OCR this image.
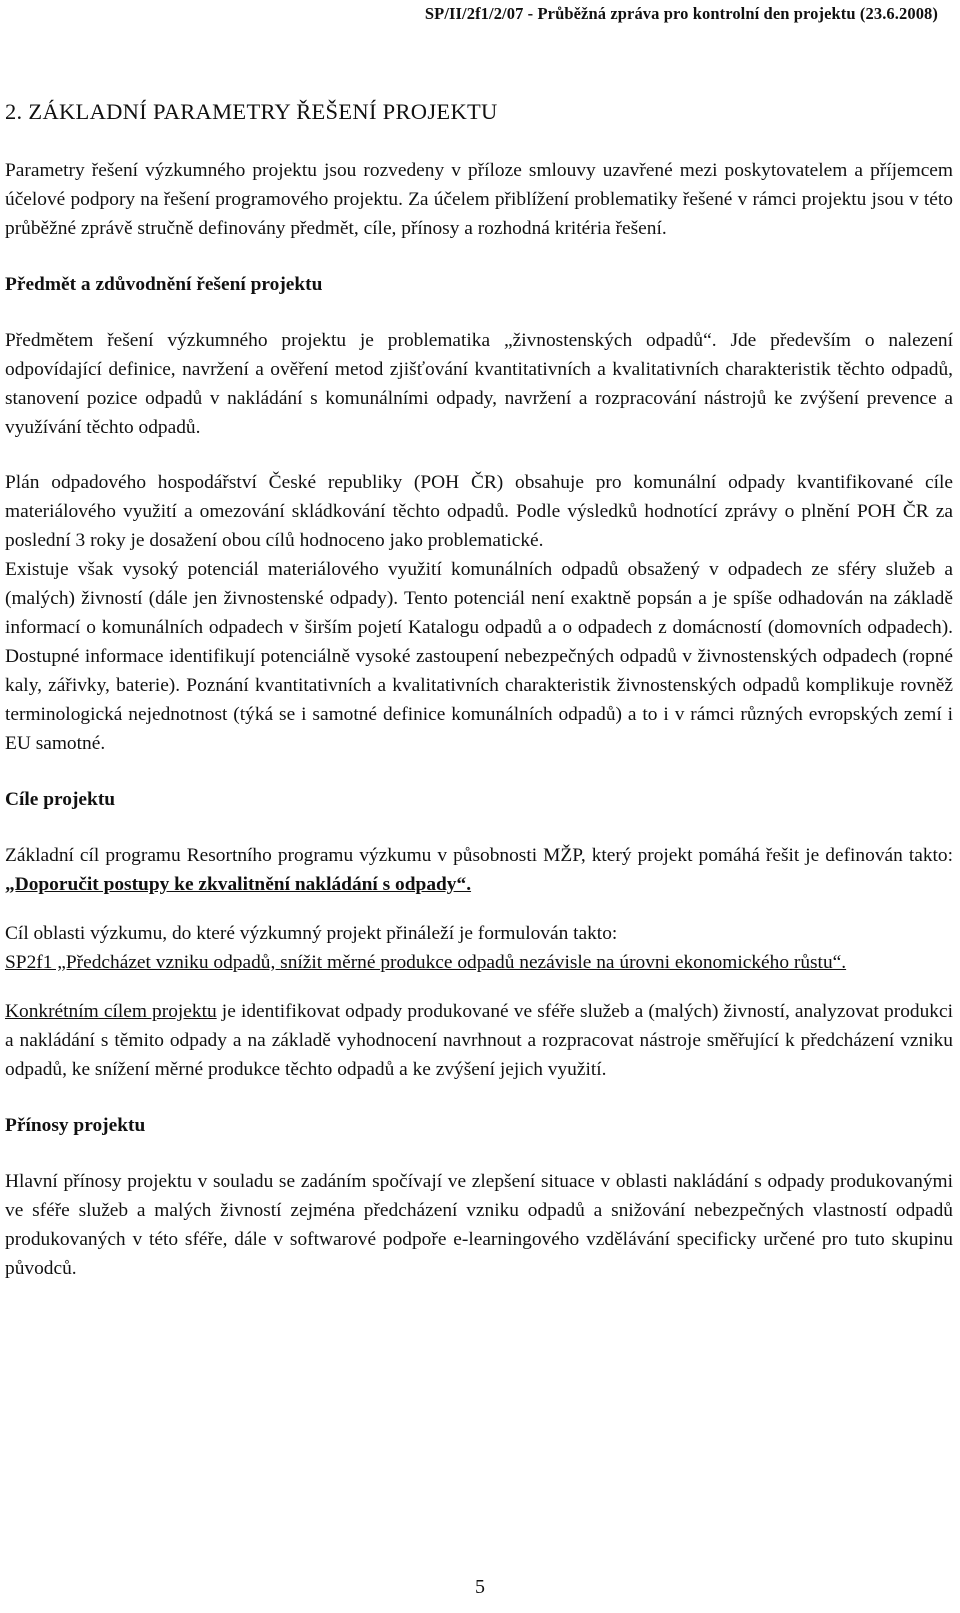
SP/II/2f1/2/07 - Průběžná zpráva pro kontrolní den projektu (23.6.2008)
2. ZÁKLADNÍ PARAMETRY ŘEŠENÍ PROJEKTU

Parametry řešení výzkumného projektu jsou rozvedeny v příloze smlouvy uzavřené mezi poskytovatelem a příjemcem účelové podpory na řešení programového projektu. Za účelem přiblížení problematiky řešené v rámci projektu jsou v této průběžné zprávě stručně definovány předmět, cíle, přínosy a rozhodná kritéria řešení.

Předmět a zdůvodnění řešení projektu

Předmětem řešení výzkumného projektu je problematika „živnostenských odpadů“. Jde především o nalezení odpovídající definice, navržení a ověření metod zjišťování kvantitativních a kvalitativních charakteristik těchto odpadů, stanovení pozice odpadů v nakládání s komunálními odpady, navržení a rozpracování nástrojů ke zvýšení prevence a využívání těchto odpadů.

Plán odpadového hospodářství České republiky (POH ČR) obsahuje pro komunální odpady kvantifikované cíle materiálového využití a omezování skládkování těchto odpadů. Podle výsledků hodnotící zprávy o plnění POH ČR za poslední 3 roky je dosažení obou cílů hodnoceno jako problematické.

Existuje však vysoký potenciál materiálového využití komunálních odpadů obsažený v odpadech ze sféry služeb a (malých) živností (dále jen živnostenské odpady). Tento potenciál není exaktně popsán a je spíše odhadován na základě informací o komunálních odpadech v širším pojetí Katalogu odpadů a o odpadech z domácností (domovních odpadech). Dostupné informace identifikují potenciálně vysoké zastoupení nebezpečných odpadů v živnostenských odpadech (ropné kaly, zářivky, baterie). Poznání kvantitativních a kvalitativních charakteristik živnostenských odpadů komplikuje rovněž terminologická nejednotnost (týká se i samotné definice komunálních odpadů) a to i v rámci různých evropských zemí i EU samotné.

Cíle projektu

Základní cíl programu Resortního programu výzkumu v působnosti MŽP, který projekt pomáhá řešit je definován takto: „Doporučit postupy ke zkvalitnění nakládání s odpady“.

Cíl oblasti výzkumu, do které výzkumný projekt přináleží je formulován takto:

SP2f1 „Předcházet vzniku odpadů, snížit měrné produkce odpadů nezávisle na úrovni ekonomického růstu“.

Konkrétním cílem projektu je identifikovat odpady produkované ve sféře služeb a (malých) živností, analyzovat produkci a nakládání s těmito odpady a na základě vyhodnocení navrhnout a rozpracovat nástroje směřující k předcházení vzniku odpadů, ke snížení měrné produkce těchto odpadů a ke zvýšení jejich využití.

Přínosy projektu

Hlavní přínosy projektu v souladu se zadáním spočívají ve zlepšení situace v oblasti nakládání s odpady produkovanými ve sféře služeb a malých živností zejména předcházení vzniku odpadů a snižování nebezpečných vlastností odpadů produkovaných v této sféře, dále v softwarové podpoře e-learningového vzdělávání specificky určené pro tuto skupinu původců.

5
